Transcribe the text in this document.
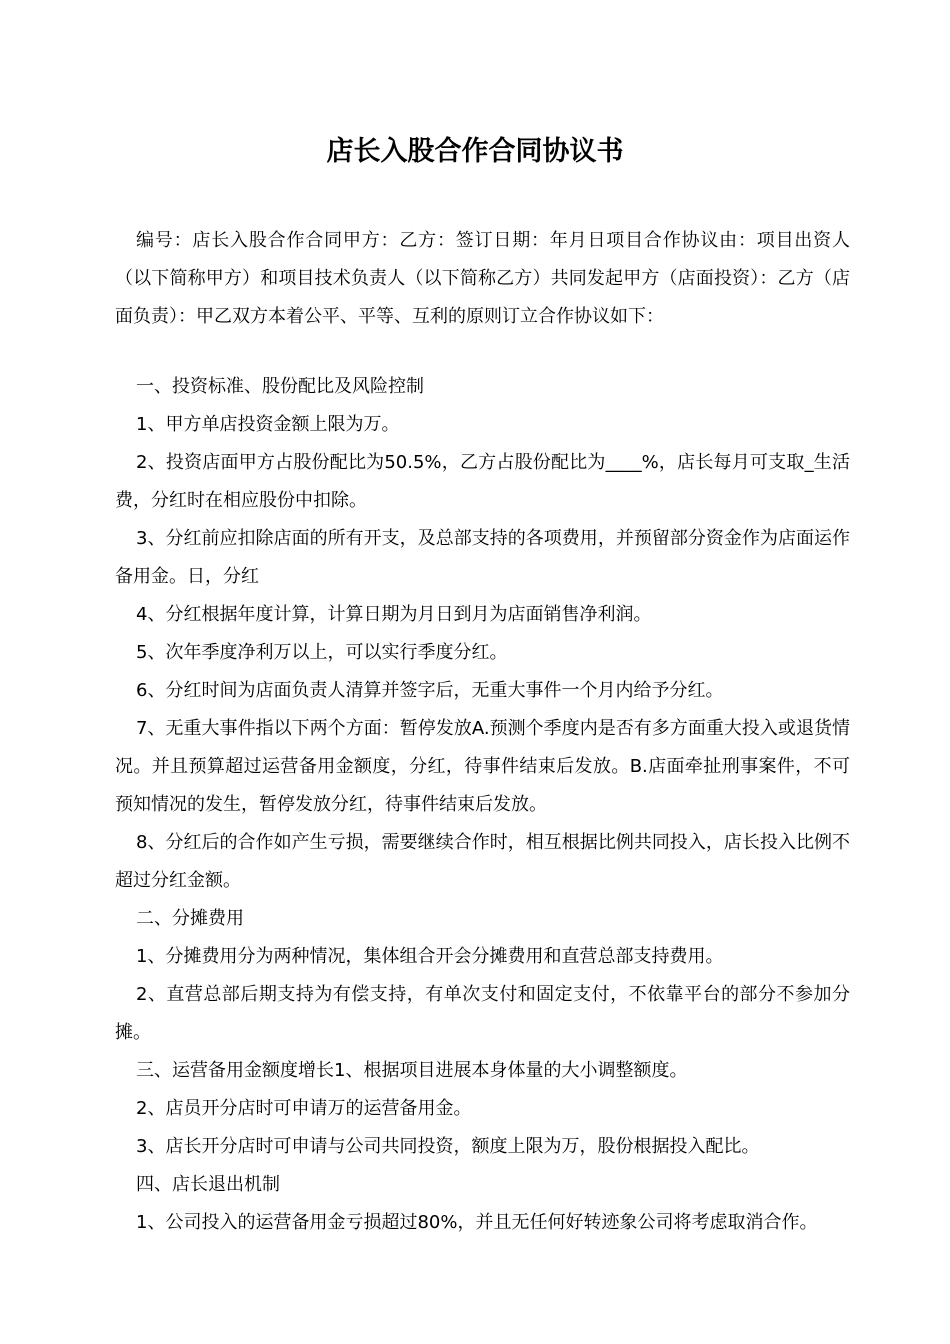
店长入股合作合同协议书

编号：店长入股合作合同甲方：乙方：签订日期：年月日项目合作协议由：项目出资人（以下简称甲方）和项目技术负责人（以下简称乙方）共同发起甲方（店面投资）：乙方（店面负责）：甲乙双方本着公平、平等、互利的原则订立合作协议如下：

一、投资标准、股份配比及风险控制

1、甲方单店投资金额上限为万。

2、投资店面甲方占股份配比为50.5%，乙方占股份配比为____%，店长每月可支取_生活费，分红时在相应股份中扣除。

3、分红前应扣除店面的所有开支，及总部支持的各项费用，并预留部分资金作为店面运作备用金。日，分红

4、分红根据年度计算，计算日期为月日到月为店面销售净利润。

5、次年季度净利万以上，可以实行季度分红。

6、分红时间为店面负责人清算并签字后，无重大事件一个月内给予分红。

7、无重大事件指以下两个方面：暂停发放A.预测个季度内是否有多方面重大投入或退货情况。并且预算超过运营备用金额度，分红，待事件结束后发放。B.店面牵扯刑事案件，不可预知情况的发生，暂停发放分红，待事件结束后发放。

8、分红后的合作如产生亏损，需要继续合作时，相互根据比例共同投入，店长投入比例不超过分红金额。

二、分摊费用

1、分摊费用分为两种情况，集体组合开会分摊费用和直营总部支持费用。

2、直营总部后期支持为有偿支持，有单次支付和固定支付，不依靠平台的部分不参加分摊。

三、运营备用金额度增长1、根据项目进展本身体量的大小调整额度。

2、店员开分店时可申请万的运营备用金。

3、店长开分店时可申请与公司共同投资，额度上限为万，股份根据投入配比。

四、店长退出机制

1、公司投入的运营备用金亏损超过80%，并且无任何好转迹象公司将考虑取消合作。
